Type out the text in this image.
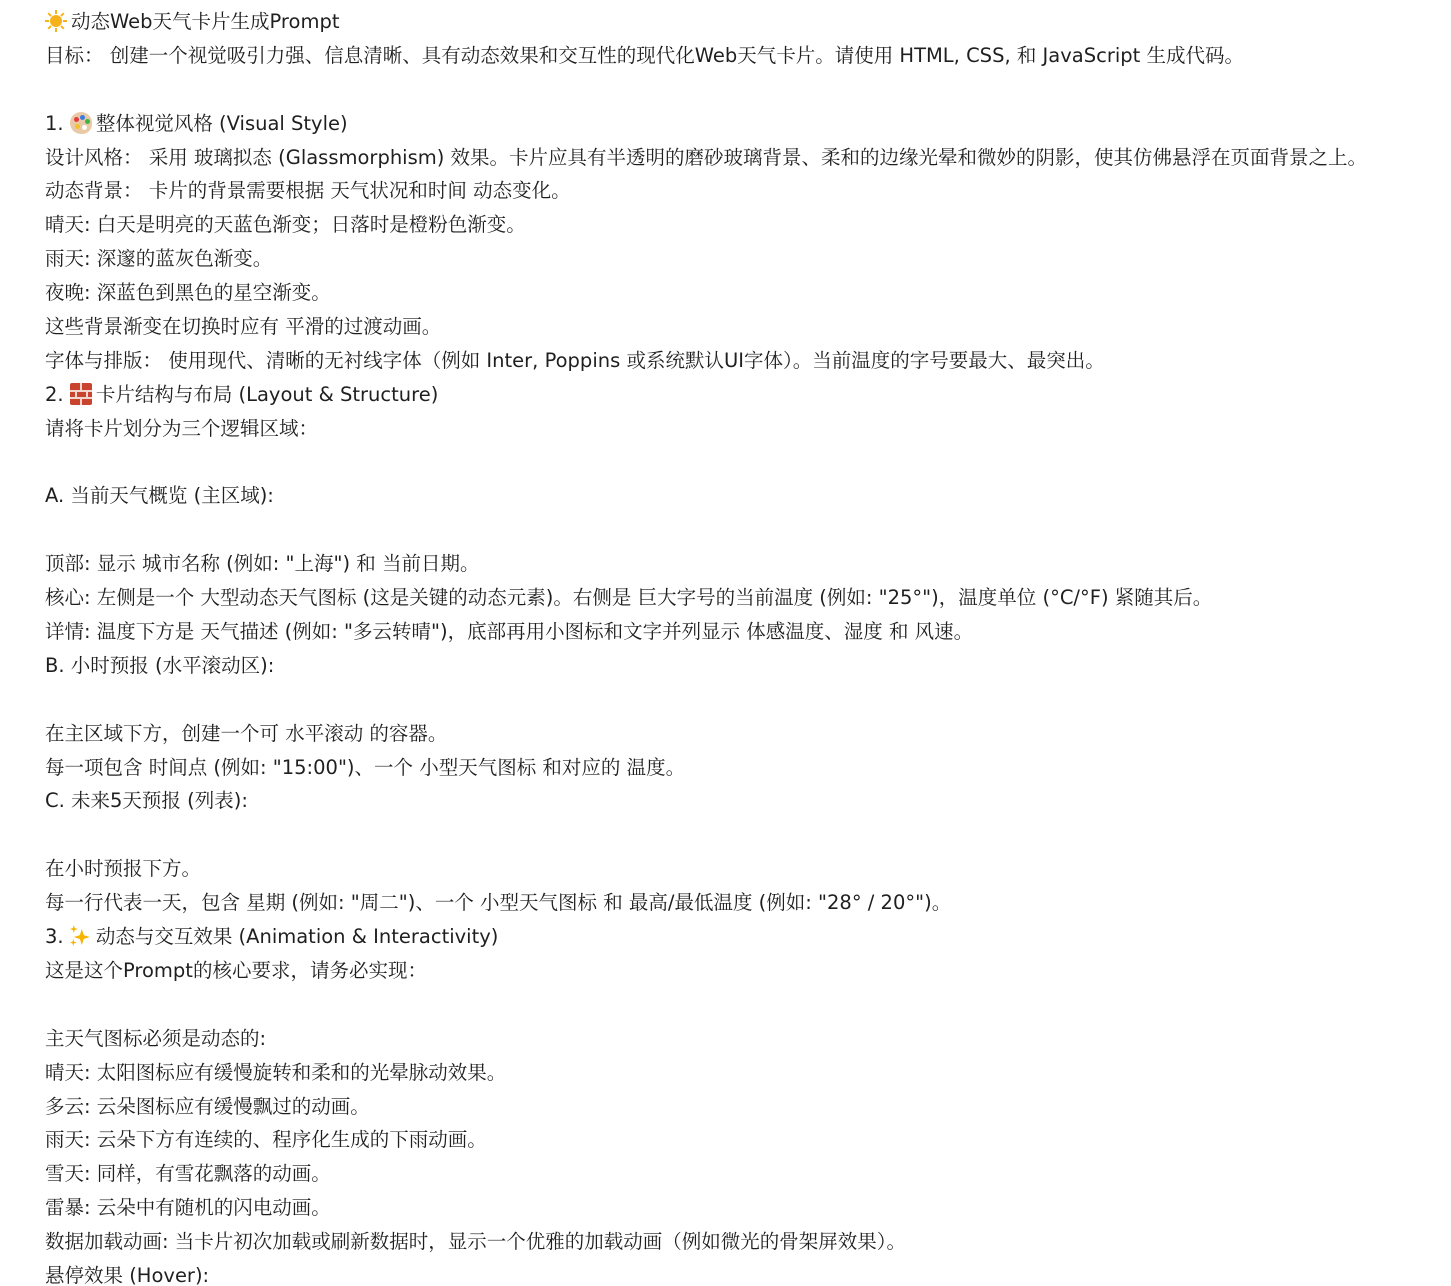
动态Web天气卡片生成Prompt
目标： 创建一个视觉吸引力强、信息清晰、具有动态效果和交互性的现代化Web天气卡片。请使用 HTML, CSS, 和 JavaScript 生成代码。
1.
整体视觉风格 (Visual Style)
设计风格： 采用 玻璃拟态 (Glassmorphism) 效果。卡片应具有半透明的磨砂玻璃背景、柔和的边缘光晕和微妙的阴影，使其仿佛悬浮在页面背景之上。
动态背景： 卡片的背景需要根据 天气状况和时间 动态变化。
晴天: 白天是明亮的天蓝色渐变；日落时是橙粉色渐变。
雨天: 深邃的蓝灰色渐变。
夜晚: 深蓝色到黑色的星空渐变。
这些背景渐变在切换时应有 平滑的过渡动画。
字体与排版： 使用现代、清晰的无衬线字体（例如 Inter, Poppins 或系统默认UI字体）。当前温度的字号要最大、最突出。
2. 卡片结构与布局 (Layout & Structure)
请将卡片划分为三个逻辑区域：
A. 当前天气概览 (主区域):
顶部: 显示 城市名称 (例如: "上海") 和 当前日期。
核心: 左侧是一个 大型动态天气图标 (这是关键的动态元素)。右侧是 巨大字号的当前温度 (例如: "25°")，温度单位 (°C/°F) 紧随其后。
详情: 温度下方是 天气描述 (例如: "多云转晴")，底部再用小图标和文字并列显示 体感温度、湿度 和 风速。
B. 小时预报 (水平滚动区):
在主区域下方，创建一个可 水平滚动 的容器。
每一项包含 时间点 (例如: "15:00")、一个 小型天气图标 和对应的 温度。
C. 未来5天预报 (列表):
在小时预报下方。
每一行代表一天，包含 星期 (例如: "周二")、一个 小型天气图标 和 最高/最低温度 (例如: "28° / 20°")。
3.
动态与交互效果 (Animation & Interactivity)
这是这个Prompt的核心要求，请务必实现：
主天气图标必须是动态的:
晴天: 太阳图标应有缓慢旋转和柔和的光晕脉动效果。
多云: 云朵图标应有缓慢飘过的动画。
雨天: 云朵下方有连续的、程序化生成的下雨动画。
雪天: 同样，有雪花飘落的动画。
雷暴: 云朵中有随机的闪电动画。
数据加载动画: 当卡片初次加载或刷新数据时，显示一个优雅的加载动画（例如微光的骨架屏效果）。
悬停效果 (Hover):
